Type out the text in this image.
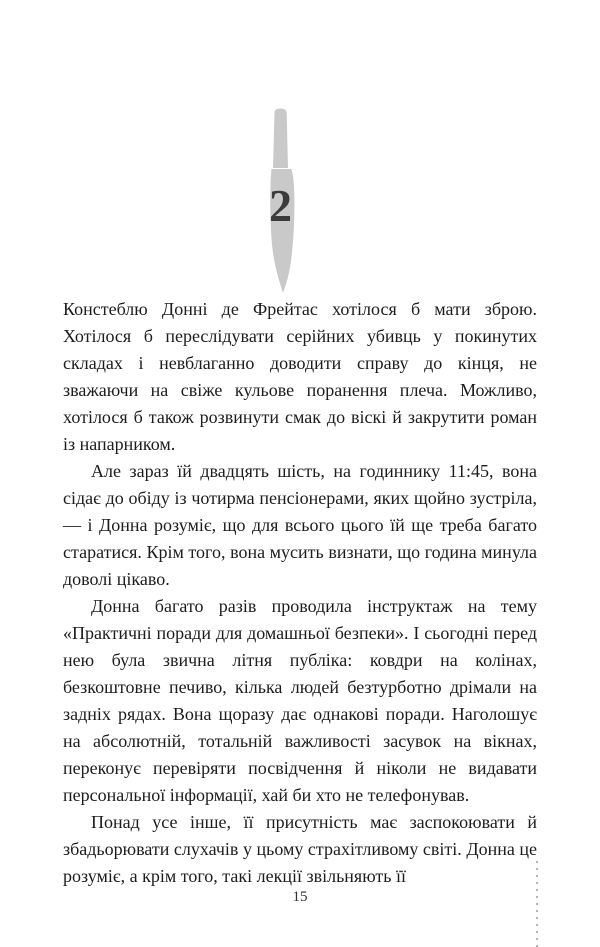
2

Констеблю Донні де Фрейтас хотілося б мати зброю. Хотілося б переслідувати серійних убивць у покинутих складах і невблаганно доводити справу до кінця, не зважаючи на свіже кульове поранення плеча. Можливо, хотілося б також розвинути смак до віскі й закрутити роман із напарником.

Але зараз їй двадцять шість, на годиннику 11:45, вона сідає до обіду із чотирма пенсіонерами, яких щойно зустріла, — і Донна розуміє, що для всього цього їй ще треба багато старатися. Крім того, вона мусить визнати, що година минула доволі цікаво.

Донна багато разів проводила інструктаж на тему «Практичні поради для домашньої безпеки». І сьогодні перед нею була звична літня публіка: ковдри на колінах, безкоштовне печиво, кілька людей безтурботно дрімали на задніх рядах. Вона щоразу дає однакові поради. Наголошує на абсолютній, тотальній важливості засувок на вікнах, переконує перевіряти посвідчення й ніколи не видавати персональної інформації, хай би хто не телефонував.

Понад усе інше, її присутність має заспокоювати й збадьорювати слухачів у цьому страхітливому світі. Донна це розуміє, а крім того, такі лекції звільняють її

15
